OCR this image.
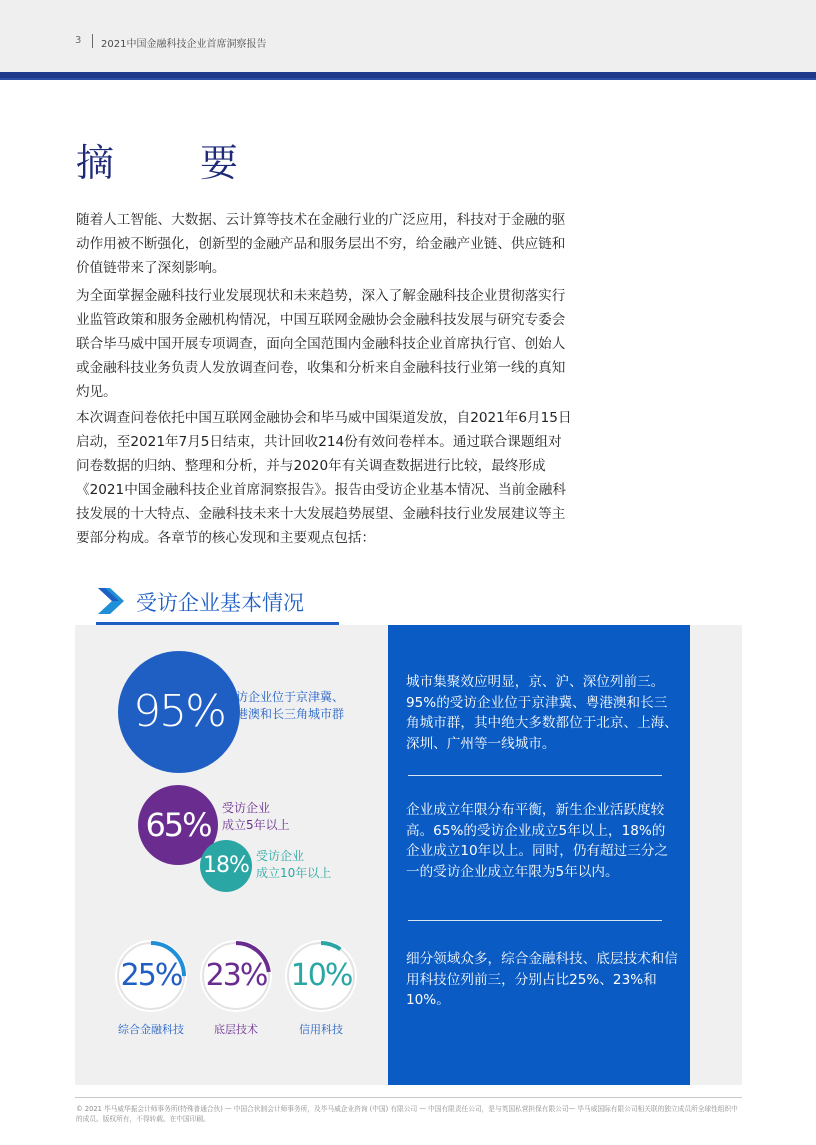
3 2021中国金融科技企业首席洞察报告
摘　要

随着人工智能、大数据、云计算等技术在金融行业的广泛应用，科技对于金融的驱动作用被不断强化，创新型的金融产品和服务层出不穷，给金融产业链、供应链和价值链带来了深刻影响。

为全面掌握金融科技行业发展现状和未来趋势，深入了解金融科技企业贯彻落实行业监管政策和服务金融机构情况，中国互联网金融协会金融科技发展与研究专委会联合毕马威中国开展专项调查，面向全国范围内金融科技企业首席执行官、创始人或金融科技业务负责人发放调查问卷，收集和分析来自金融科技行业第一线的真知灼见。

本次调查问卷依托中国互联网金融协会和毕马威中国渠道发放，自2021年6月15日启动，至2021年7月5日结束，共计回收214份有效问卷样本。通过联合课题组对问卷数据的归纳、整理和分析，并与2020年有关调查数据进行比较，最终形成《2021中国金融科技企业首席洞察报告》。报告由受访企业基本情况、当前金融科技发展的十大特点、金融科技未来十大发展趋势展望、金融科技行业发展建议等主要部分构成。各章节的核心发现和主要观点包括：

受访企业基本情况
95% 受访企业位于京津冀、
粤港澳和长三角城市群
65% 受访企业
成立5年以上
18% 受访企业
成立10年以上
25% 23% 10%
综合金融科技	底层技术	信用科技

城市集聚效应明显，京、沪、深位列前三。95%的受访企业位于京津冀、粤港澳和长三角城市群，其中绝大多数都位于北京、上海、深圳、广州等一线城市。

企业成立年限分布平衡，新生企业活跃度较高。65%的受访企业成立5年以上，18%的企业成立10年以上。同时，仍有超过三分之一的受访企业成立年限为5年以内。

细分领域众多，综合金融科技、底层技术和信用科技位列前三，分别占比25%、23%和10%。

© 2021 毕马威华振会计师事务所(特殊普通合伙) — 中国合伙制会计师事务所，及毕马威企业咨询 (中国) 有限公司 — 中国有限责任公司，是与英国私营担保有限公司— 毕马威国际有限公司相关联的独立成员所全球性组织中的成员。版权所有，不得转载。在中国印刷。
